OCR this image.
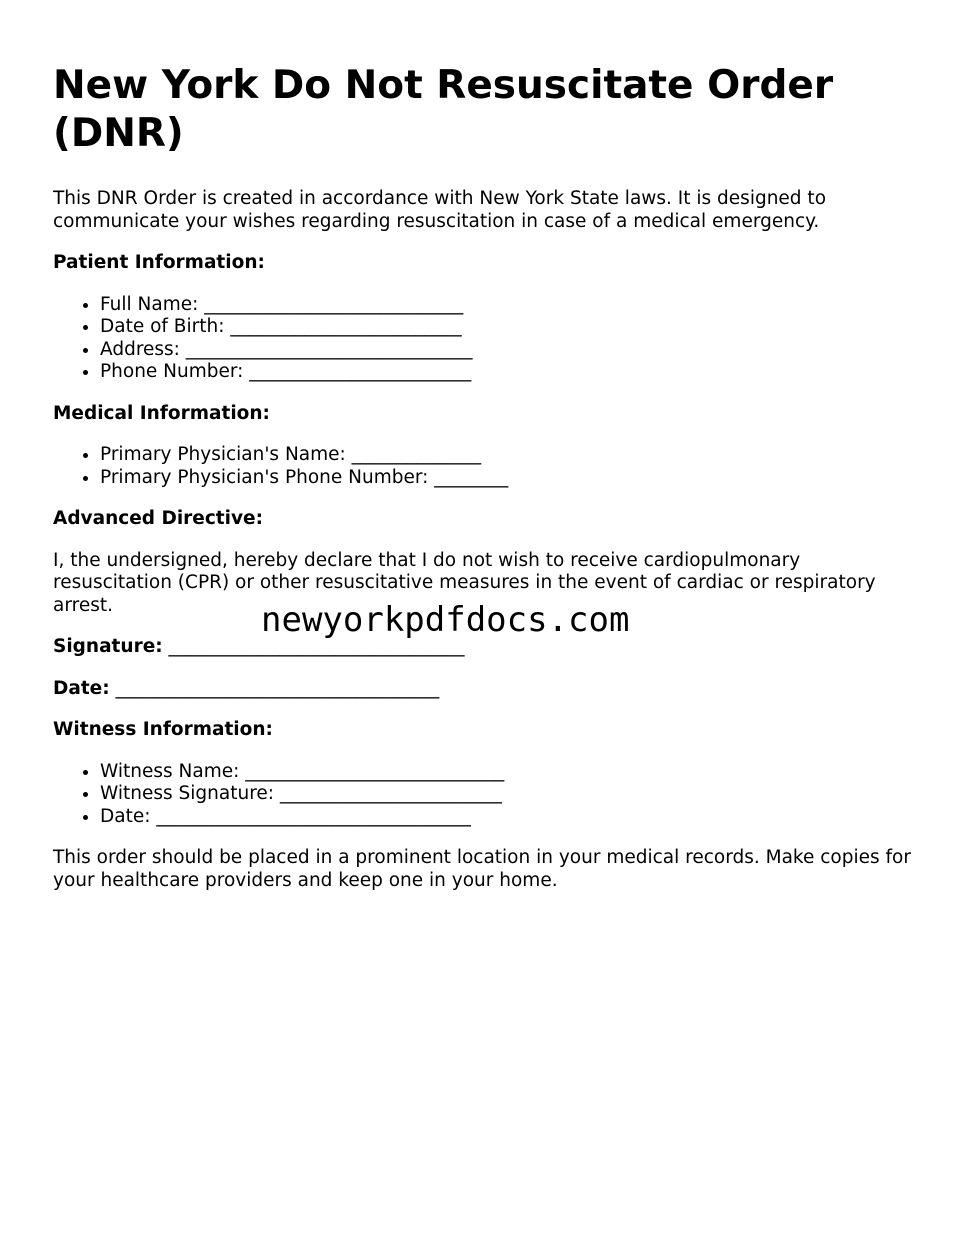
New York Do Not Resuscitate Order (DNR)

This DNR Order is created in accordance with New York State laws. It is designed to communicate your wishes regarding resuscitation in case of a medical emergency.

Patient Information:

• Full Name: ____________________________
• Date of Birth: _________________________
• Address: _______________________________
• Phone Number: ________________________

Medical Information:

• Primary Physician's Name: ______________
• Primary Physician's Phone Number: ________

Advanced Directive:

I, the undersigned, hereby declare that I do not wish to receive cardiopulmonary resuscitation (CPR) or other resuscitative measures in the event of cardiac or respiratory arrest.

Signature: ________________________________

Date: ___________________________________

Witness Information:

• Witness Name: ____________________________
• Witness Signature: ________________________
• Date: __________________________________

This order should be placed in a prominent location in your medical records. Make copies for your healthcare providers and keep one in your home.

newyorkpdfdocs.com
